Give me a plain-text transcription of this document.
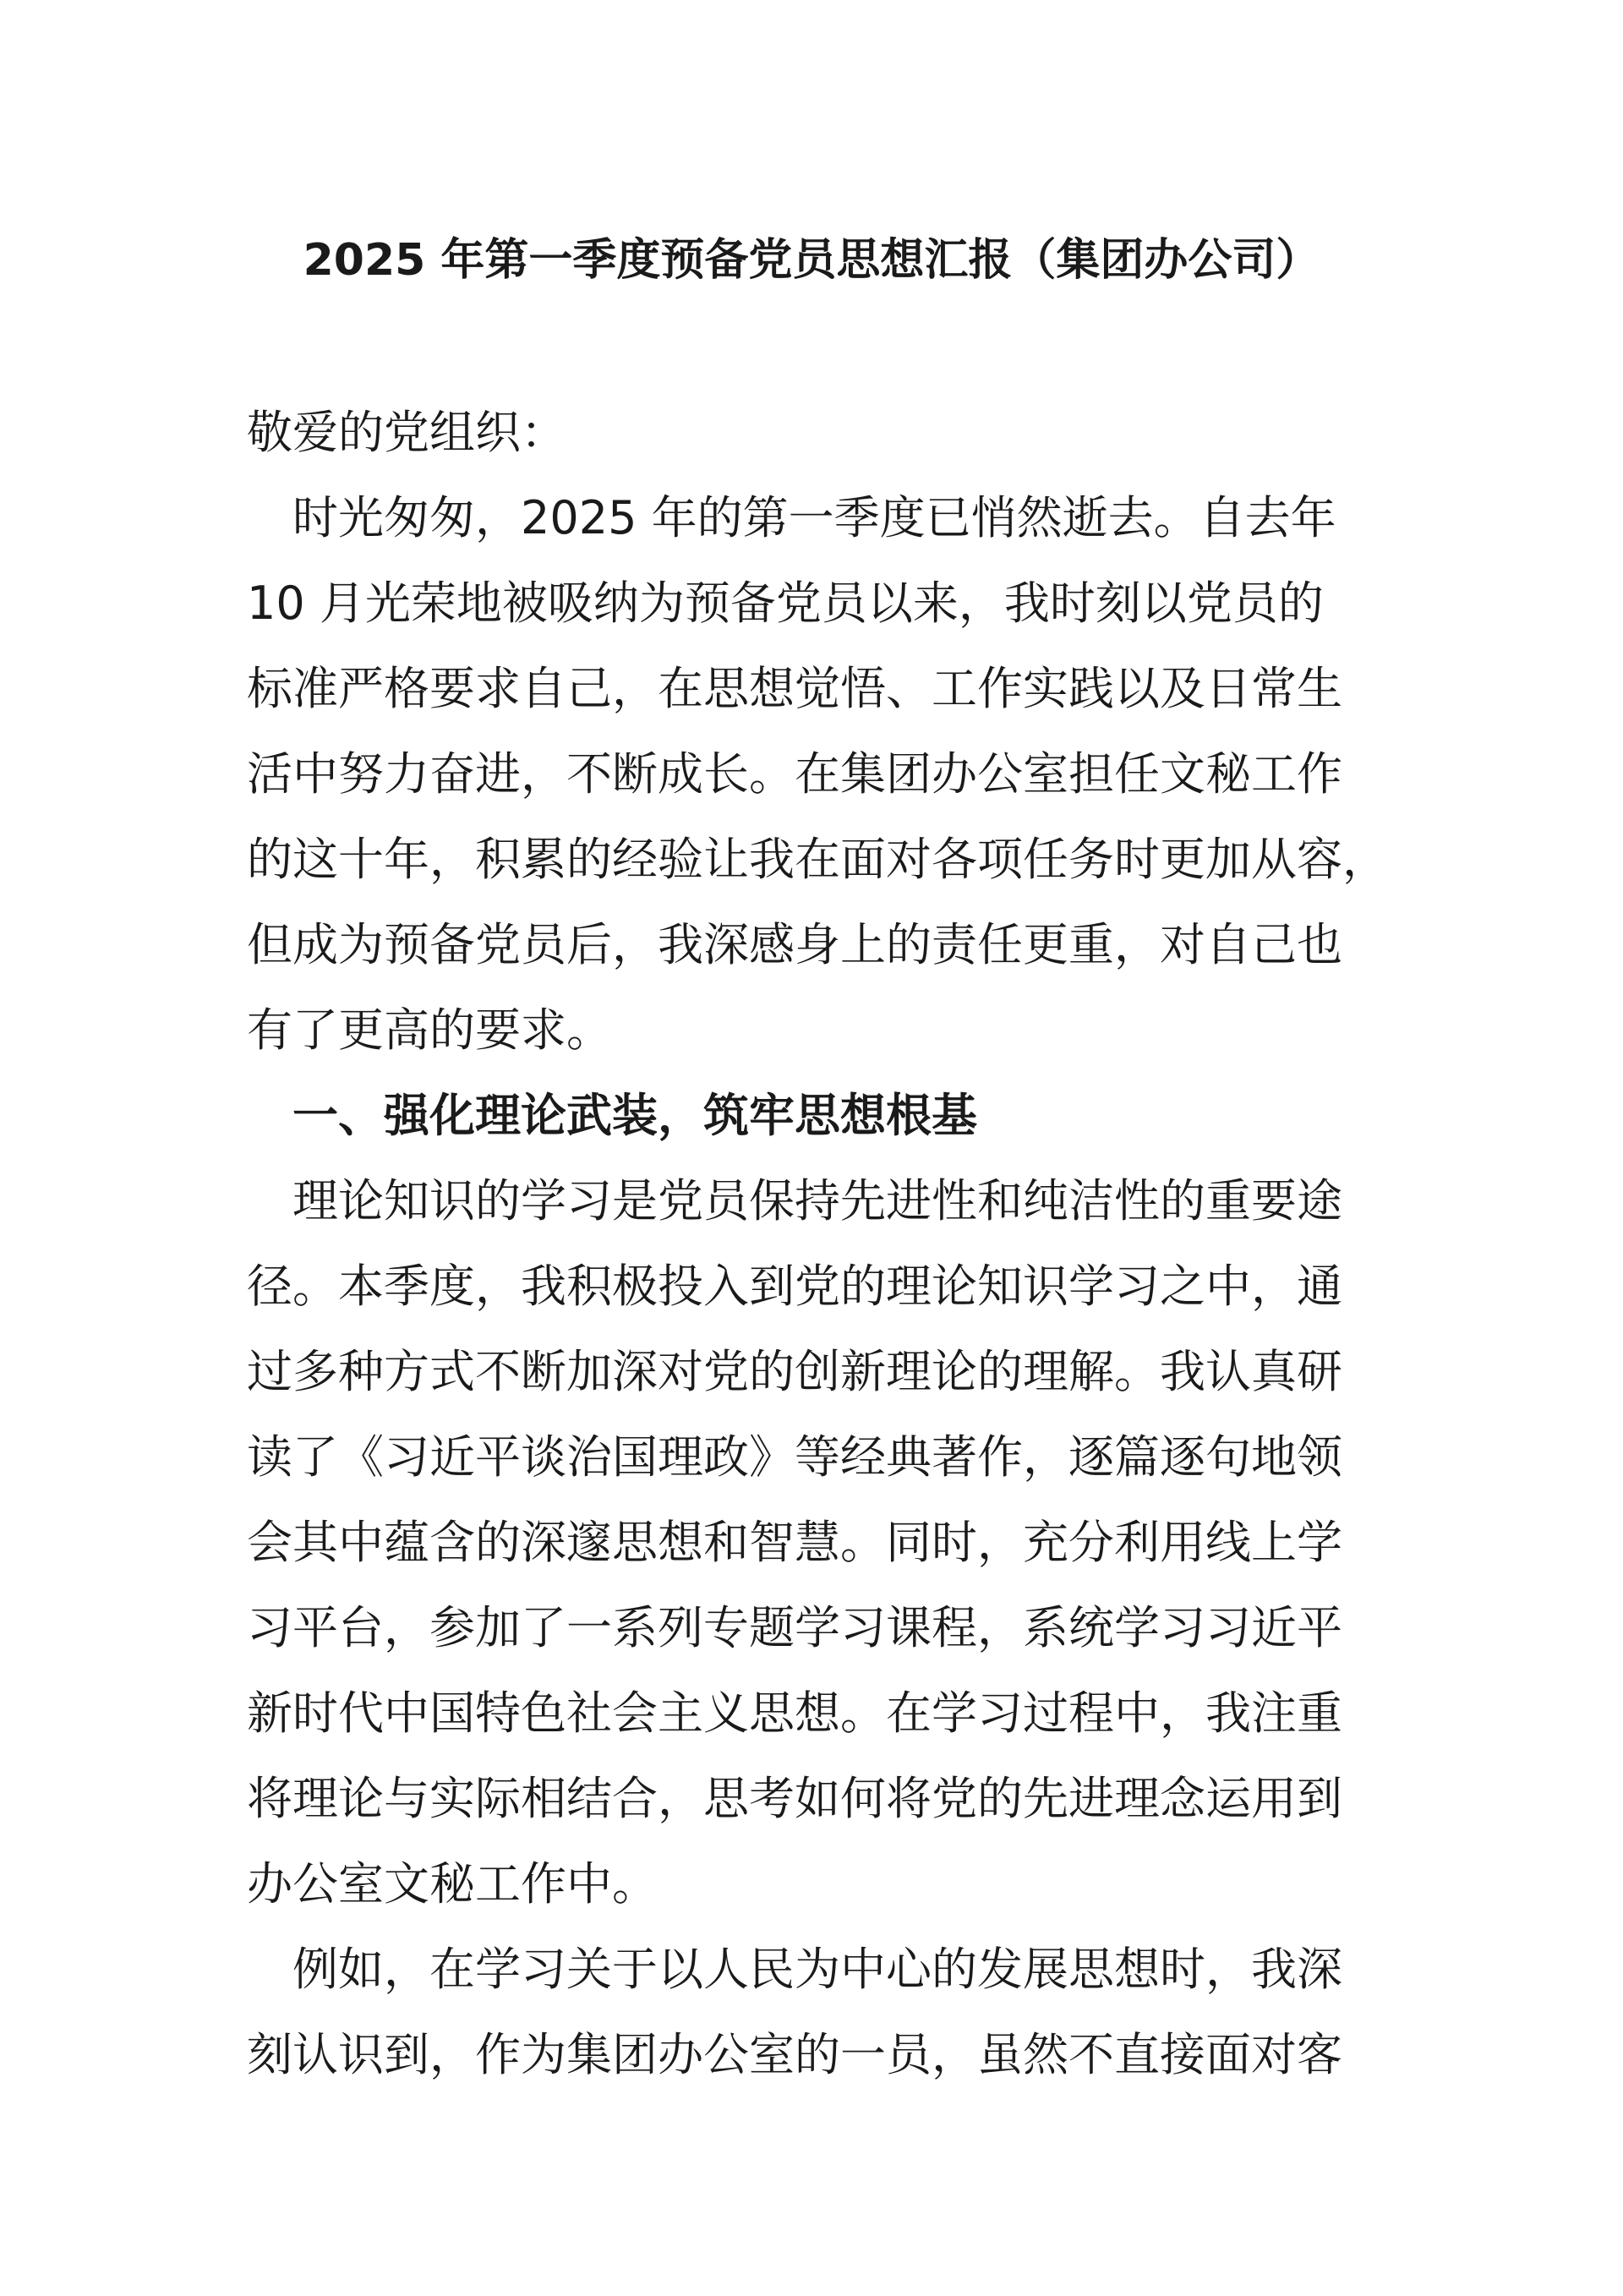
2025 年第一季度预备党员思想汇报（集团办公司）
敬爱的党组织：
　时光匆匆，2025 年的第一季度已悄然逝去。自去年
10 月光荣地被吸纳为预备党员以来，我时刻以党员的
标准严格要求自己，在思想觉悟、工作实践以及日常生
活中努力奋进，不断成长。在集团办公室担任文秘工作
的这十年，积累的经验让我在面对各项任务时更加从容，
但成为预备党员后，我深感身上的责任更重，对自己也
有了更高的要求。
　一、强化理论武装，筑牢思想根基
　理论知识的学习是党员保持先进性和纯洁性的重要途
径。本季度，我积极投入到党的理论知识学习之中，通
过多种方式不断加深对党的创新理论的理解。我认真研
读了《习近平谈治国理政》等经典著作，逐篇逐句地领
会其中蕴含的深邃思想和智慧。同时，充分利用线上学
习平台，参加了一系列专题学习课程，系统学习习近平
新时代中国特色社会主义思想。在学习过程中，我注重
将理论与实际相结合，思考如何将党的先进理念运用到
办公室文秘工作中。
　例如，在学习关于以人民为中心的发展思想时，我深
刻认识到，作为集团办公室的一员，虽然不直接面对客
